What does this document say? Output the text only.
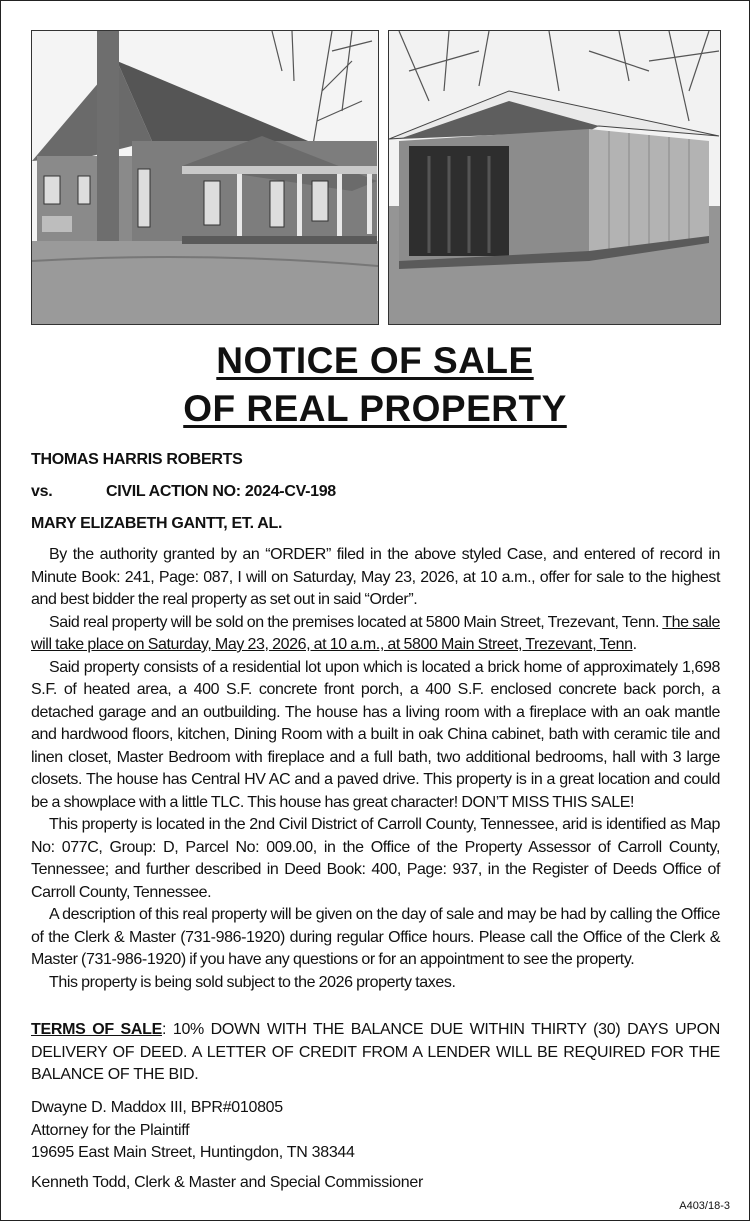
NOTICE OF SALE
OF REAL PROPERTY
THOMAS HARRIS ROBERTS
vs.	CIVIL ACTION NO: 2024-CV-198
MARY ELIZABETH GANTT, ET. AL.

By the authority granted by an “ORDER” filed in the above styled Case, and entered of record in Minute Book: 241, Page: 087, I will on Saturday, May 23, 2026, at 10 a.m., offer for sale to the highest and best bidder the real property as set out in said “Order”.

Said real property will be sold on the premises located at 5800 Main Street, Trezevant, Tenn. The sale will take place on Saturday, May 23, 2026, at 10 a.m., at 5800 Main Street, Trezevant, Tenn.

Said property consists of a residential lot upon which is located a brick home of approximately 1,698 S.F. of heated area, a 400 S.F. concrete front porch, a 400 S.F. enclosed concrete back porch, a detached garage and an outbuilding. The house has a living room with a fireplace with an oak mantle and hardwood floors, kitchen, Dining Room with a built in oak China cabinet, bath with ceramic tile and linen closet, Master Bedroom with fireplace and a full bath, two additional bedrooms, hall with 3 large closets. The house has Central HV AC and a paved drive. This property is in a great location and could be a showplace with a little TLC. This house has great character! DON’T MISS THIS SALE!

This property is located in the 2nd Civil District of Carroll County, Tennessee, arid is identified as Map No: 077C, Group: D, Parcel No: 009.00, in the Office of the Property Assessor of Carroll County, Tennessee; and further described in Deed Book: 400, Page: 937, in the Register of Deeds Office of Carroll County, Tennessee.

A description of this real property will be given on the day of sale and may be had by calling the Office of the Clerk & Master (731-986-1920) during regular Office hours. Please call the Office of the Clerk & Master (731-986-1920) if you have any questions or for an appointment to see the property.

This property is being sold subject to the 2026 property taxes.

TERMS OF SALE: 10% DOWN WITH THE BALANCE DUE WITHIN THIRTY (30) DAYS UPON DELIVERY OF DEED. A LETTER OF CREDIT FROM A LENDER WILL BE REQUIRED FOR THE BALANCE OF THE BID.
Dwayne D. Maddox III, BPR#010805
Attorney for the Plaintiff
19695 East Main Street, Huntingdon, TN 38344
Kenneth Todd, Clerk & Master and Special Commissioner
A403/18-3
